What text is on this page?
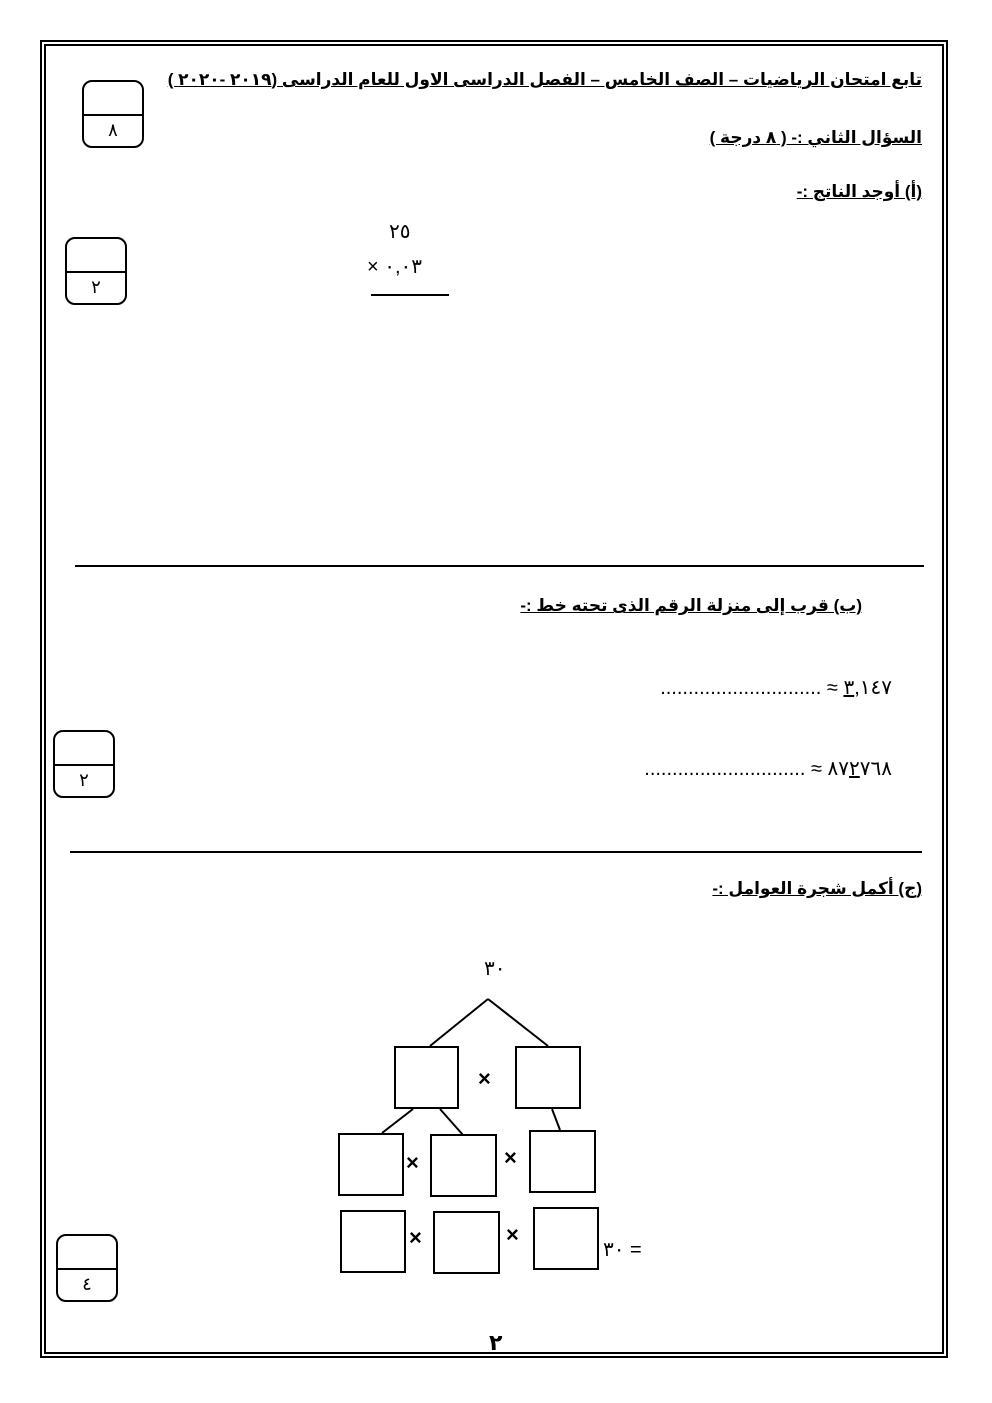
تابع امتحان الرياضيات – الصف الخامس – الفصل الدراسى الاول للعام الدراسى (٢٠١٩ -٢٠٢٠ )
٨	السؤال الثاني :- ( ٨ درجة )
(أ) أوجد الناتج :-
٢
٢٥
٠,٠٣ ×
(ب) قرب إلى منزلة الرقم الذى تحته خط :-
٣,١٤٧ ≈ .............................
٨٧٢٧٦٨ ≈ .............................
٢
(ج) أكمل شجرة العوامل :-
٣٠
×
×	×
×	×
= ٣٠
٤
٢
